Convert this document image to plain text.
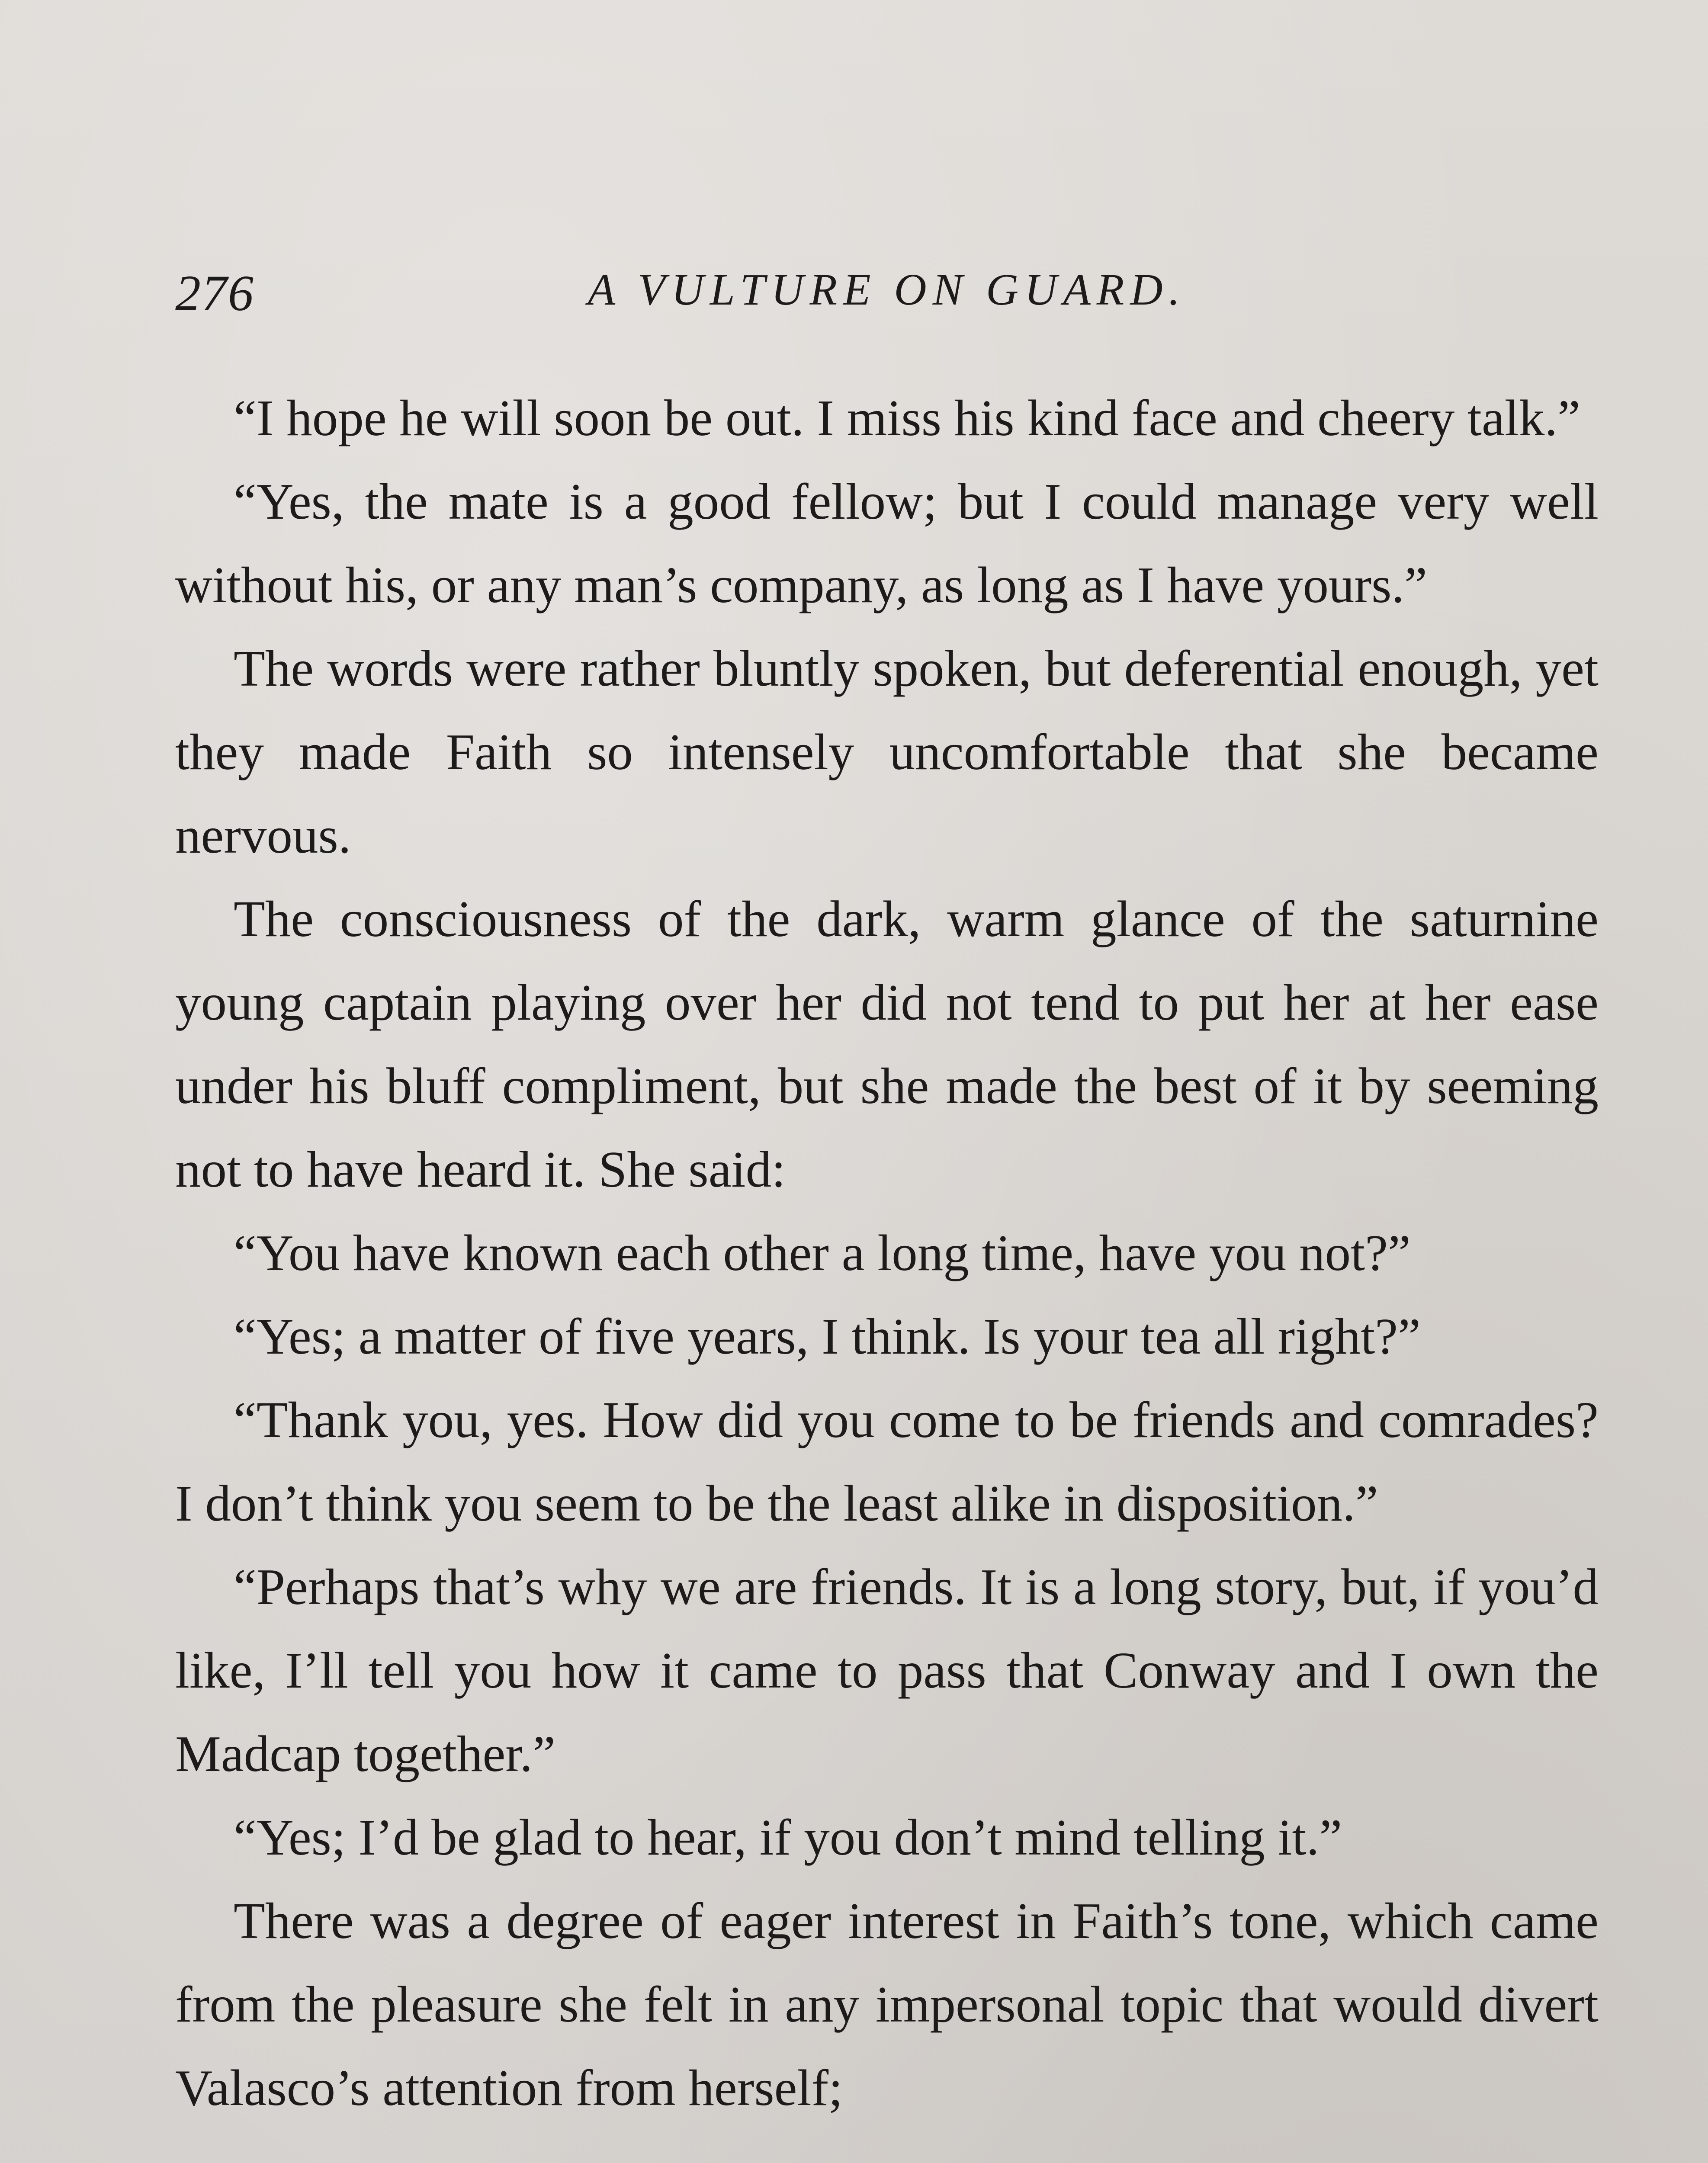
276	A VULTURE ON GUARD.

“I hope he will soon be out. I miss his kind face and cheery talk.”

“Yes, the mate is a good fellow; but I could manage very well without his, or any man’s company, as long as I have yours.”

The words were rather bluntly spoken, but deferential enough, yet they made Faith so intensely uncomfortable that she became nervous.

The consciousness of the dark, warm glance of the saturnine young captain playing over her did not tend to put her at her ease under his bluff compliment, but she made the best of it by seeming not to have heard it. She said:

“You have known each other a long time, have you not?”

“Yes; a matter of five years, I think. Is your tea all right?”

“Thank you, yes. How did you come to be friends and comrades? I don’t think you seem to be the least alike in disposition.”

“Perhaps that’s why we are friends. It is a long story, but, if you’d like, I’ll tell you how it came to pass that Conway and I own the Madcap together.”

“Yes; I’d be glad to hear, if you don’t mind telling it.”

There was a degree of eager interest in Faith’s tone, which came from the pleasure she felt in any impersonal topic that would divert Valasco’s attention from herself;
